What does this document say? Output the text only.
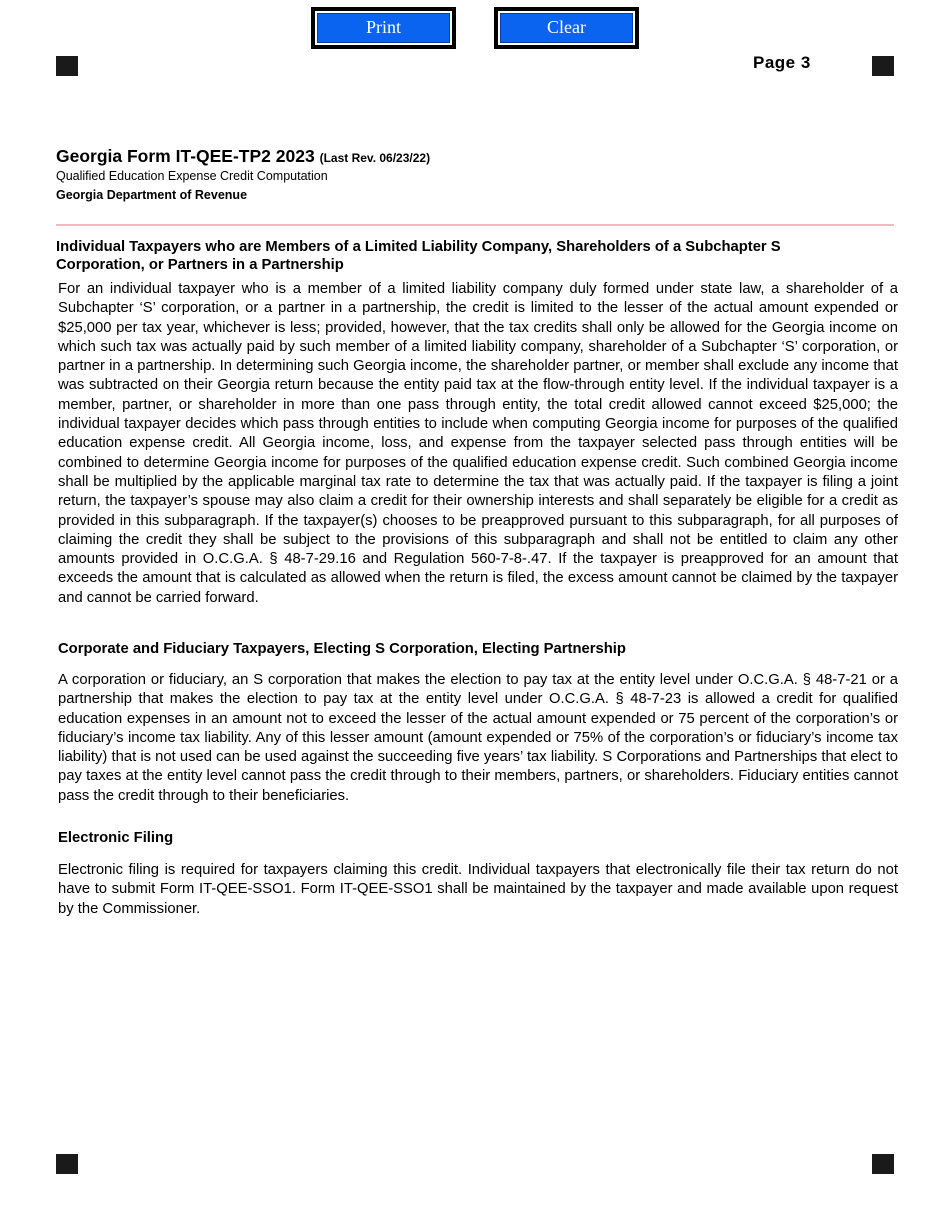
Print	Clear
Page 3
Georgia Form IT-QEE-TP2 2023 (Last Rev. 06/23/22)
Qualified Education Expense Credit Computation
Georgia Department of Revenue
Individual Taxpayers who are Members of a Limited Liability Company, Shareholders of a Subchapter S Corporation, or Partners in a Partnership

For an individual taxpayer who is a member of a limited liability company duly formed under state law, a shareholder of a Subchapter ‘S’ corporation, or a partner in a partnership, the credit is limited to the lesser of the actual amount expended or $25,000 per tax year, whichever is less; provided, however, that the tax credits shall only be allowed for the Georgia income on which such tax was actually paid by such member of a limited liability company, shareholder of a Subchapter ‘S’ corporation, or partner in a partnership. In determining such Georgia income, the shareholder partner, or member shall exclude any income that was subtracted on their Georgia return because the entity paid tax at the flow-through entity level. If the individual taxpayer is a member, partner, or shareholder in more than one pass through entity, the total credit allowed cannot exceed $25,000; the individual taxpayer decides which pass through entities to include when computing Georgia income for purposes of the qualified education expense credit. All Georgia income, loss, and expense from the taxpayer selected pass through entities will be combined to determine Georgia income for purposes of the qualified education expense credit. Such combined Georgia income shall be multiplied by the applicable marginal tax rate to determine the tax that was actually paid. If the taxpayer is filing a joint return, the taxpayer’s spouse may also claim a credit for their ownership interests and shall separately be eligible for a credit as provided in this subparagraph. If the taxpayer(s) chooses to be preapproved pursuant to this subparagraph, for all purposes of claiming the credit they shall be subject to the provisions of this subparagraph and shall not be entitled to claim any other amounts provided in O.C.G.A. § 48-7-29.16 and Regulation 560-7-8-.47. If the taxpayer is preapproved for an amount that exceeds the amount that is calculated as allowed when the return is filed, the excess amount cannot be claimed by the taxpayer and cannot be carried forward.

Corporate and Fiduciary Taxpayers, Electing S Corporation, Electing Partnership

A corporation or fiduciary, an S corporation that makes the election to pay tax at the entity level under O.C.G.A. § 48-7-21 or a partnership that makes the election to pay tax at the entity level under O.C.G.A. § 48-7-23 is allowed a credit for qualified education expenses in an amount not to exceed the lesser of the actual amount expended or 75 percent of the corporation’s or fiduciary’s income tax liability. Any of this lesser amount (amount expended or 75% of the corporation’s or fiduciary’s income tax liability) that is not used can be used against the succeeding five years’ tax liability. S Corporations and Partnerships that elect to pay taxes at the entity level cannot pass the credit through to their members, partners, or shareholders. Fiduciary entities cannot pass the credit through to their beneficiaries.

Electronic Filing

Electronic filing is required for taxpayers claiming this credit. Individual taxpayers that electronically file their tax return do not have to submit Form IT-QEE-SSO1. Form IT-QEE-SSO1 shall be maintained by the taxpayer and made available upon request by the Commissioner.
